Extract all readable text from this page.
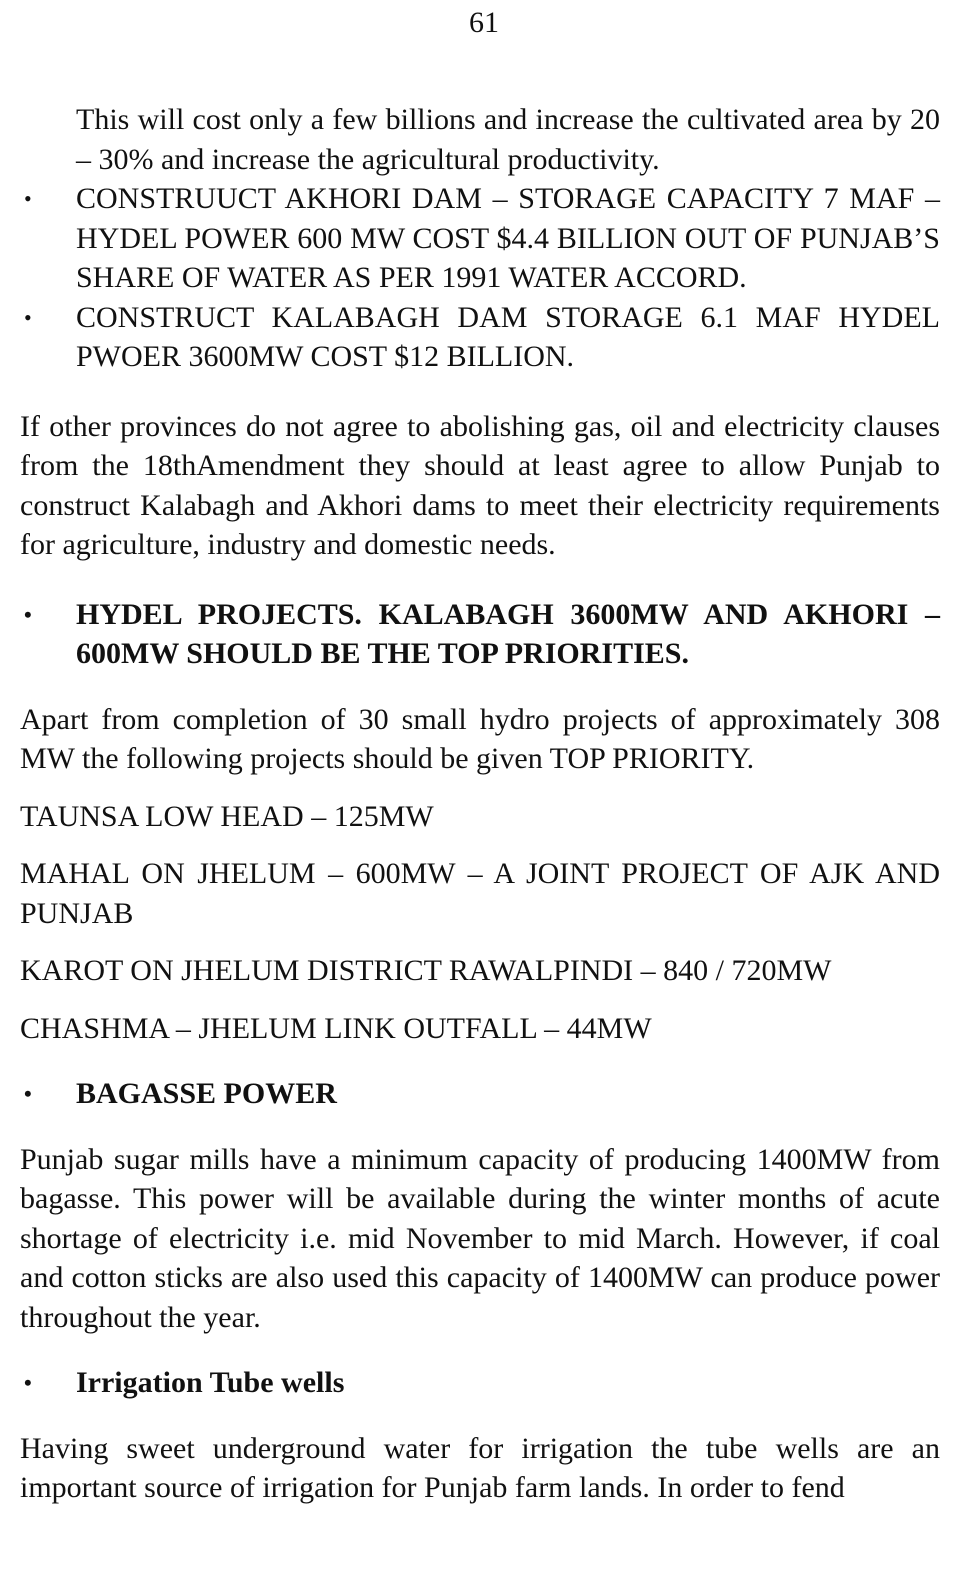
61

This will cost only a few billions and increase the cultivated area by 20 – 30% and increase the agricultural productivity.

• CONSTRUUCT AKHORI DAM – STORAGE CAPACITY 7 MAF – HYDEL POWER 600 MW COST $4.4 BILLION OUT OF PUNJAB’S SHARE OF WATER AS PER 1991 WATER ACCORD.
• CONSTRUCT KALABAGH DAM STORAGE 6.1 MAF HYDEL PWOER 3600MW COST $12 BILLION.

If other provinces do not agree to abolishing gas, oil and electricity clauses from the 18thAmendment they should at least agree to allow Punjab to construct Kalabagh and Akhori dams to meet their electricity requirements for agriculture, industry and domestic needs.

• HYDEL PROJECTS. KALABAGH 3600MW AND AKHORI – 600MW SHOULD BE THE TOP PRIORITIES.

Apart from completion of 30 small hydro projects of approximately 308 MW the following projects should be given TOP PRIORITY.

TAUNSA LOW HEAD – 125MW

MAHAL ON JHELUM – 600MW – A JOINT PROJECT OF AJK AND PUNJAB

KAROT ON JHELUM DISTRICT RAWALPINDI – 840 / 720MW

CHASHMA – JHELUM LINK OUTFALL – 44MW

• BAGASSE POWER

Punjab sugar mills have a minimum capacity of producing 1400MW from bagasse. This power will be available during the winter months of acute shortage of electricity i.e. mid November to mid March. However, if coal and cotton sticks are also used this capacity of 1400MW can produce power throughout the year.

• Irrigation Tube wells

Having sweet underground water for irrigation the tube wells are an important source of irrigation for Punjab farm lands. In order to fend
